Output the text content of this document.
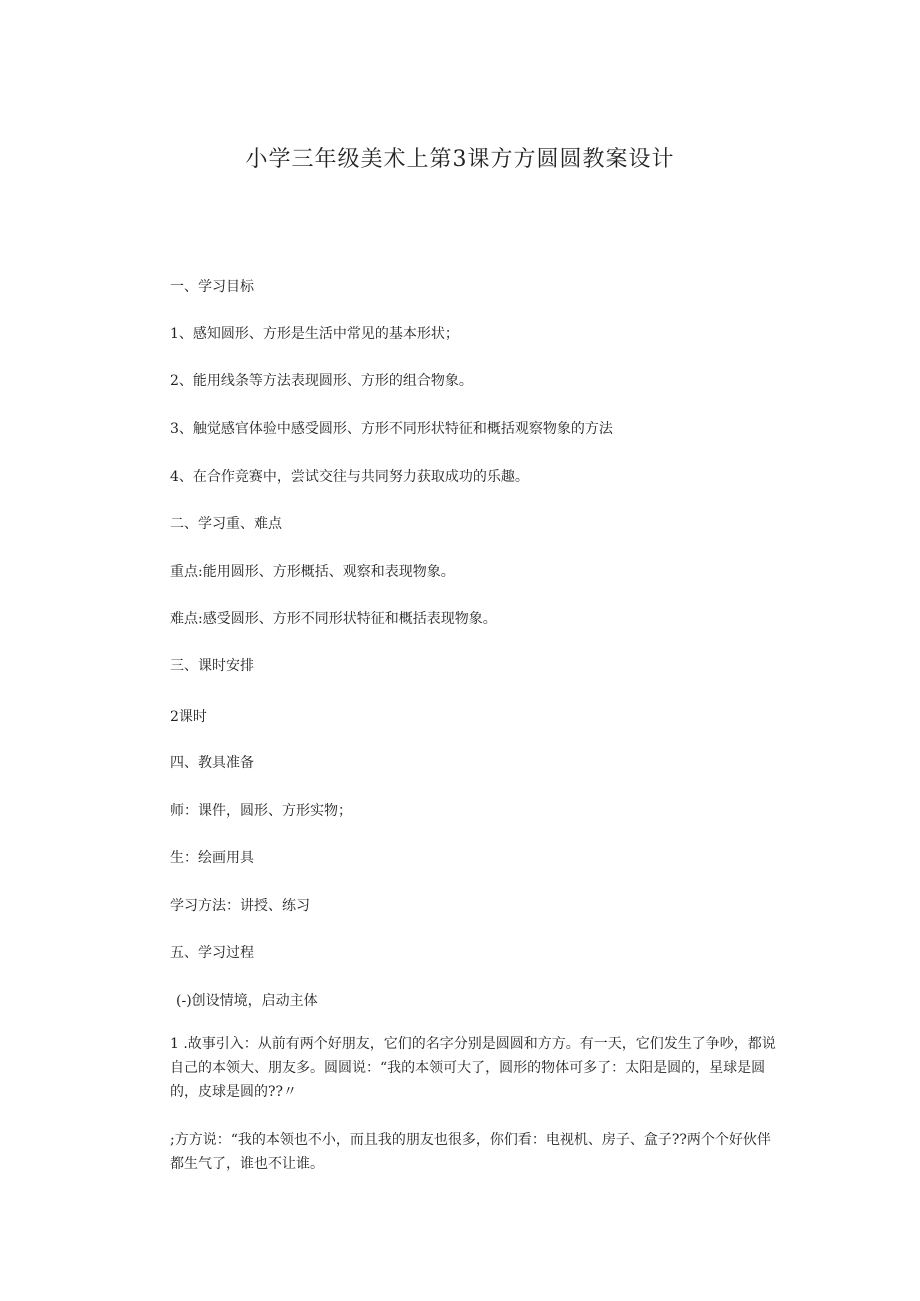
小学三年级美术上第3课方方圆圆教案设计
一、学习目标
1、感知圆形、方形是生活中常见的基本形状；
2、能用线条等方法表现圆形、方形的组合物象。
3、触觉感官体验中感受圆形、方形不同形状特征和概括观察物象的方法
4、在合作竞赛中，尝试交往与共同努力获取成功的乐趣。
二、学习重、难点
重点:能用圆形、方形概括、观察和表现物象。
难点:感受圆形、方形不同形状特征和概括表现物象。
三、课时安排
2课时
四、教具准备
师：课件，圆形、方形实物；
生：绘画用具
学习方法：讲授、练习
五、学习过程
(-)创设情境，启动主体
1 .故事引入：从前有两个好朋友，它们的名字分别是圆圆和方方。有一天，它们发生了争吵，都说自己的本领大、朋友多。圆圆说：“我的本领可大了，圆形的物体可多了：太阳是圆的，星球是圆的，皮球是圆的??〃
;方方说：“我的本领也不小，而且我的朋友也很多，你们看：电视机、房子、盒子??两个个好伙伴都生气了，谁也不让谁。
